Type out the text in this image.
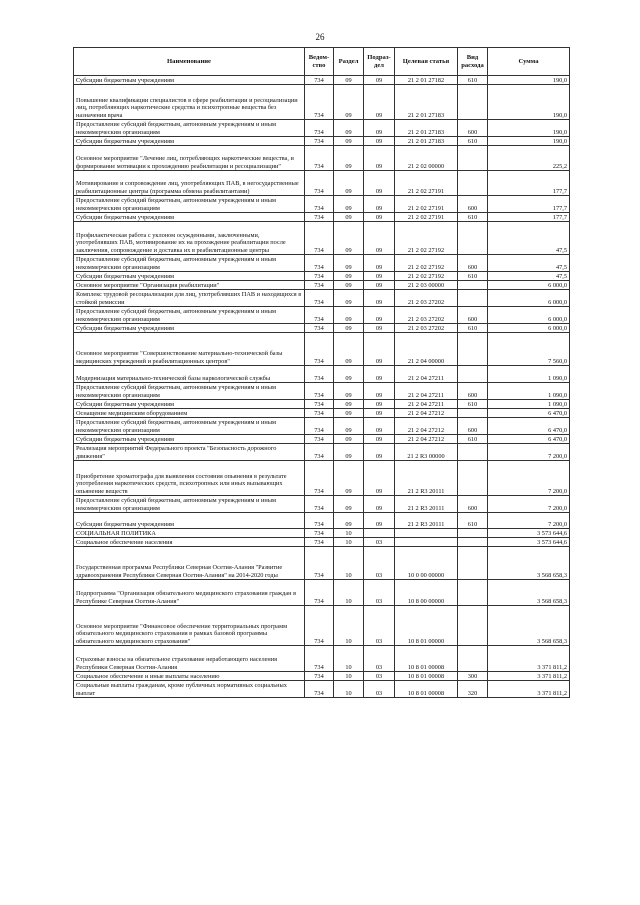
26
Наименование	Ведом-ство	Раздел	Подраз-дел	Целевая статья	Вид расхода	Сумма
Субсидии бюджетным учреждениям	734	09	09	21 2 01 27182	610	190,0
Повышение квалификации специалистов в сфере реабилитации и ресоциализации лиц, потребляющих наркотические средства и психотропные вещества без назначения врача	734	09	09	21 2 01 27183		190,0
Предоставление субсидий бюджетным, автономным учреждениям и иным некоммерческим организациям	734	09	09	21 2 01 27183	600	190,0
Субсидии бюджетным учреждениям	734	09	09	21 2 01 27183	610	190,0
Основное мероприятие "Лечение лиц, потребляющих наркотические вещества, и формирование мотивации к прохождению реабилитации и ресоциализации"	734	09	09	21 2 02 00000		225,2
Мотивирование и сопровождение лиц, употребляющих ПАВ, в негосударственные реабилитационные центры (программа обмена реабилитантами)	734	09	09	21 2 02 27191		177,7
Предоставление субсидий бюджетным, автономным учреждениям и иным некоммерческим организациям	734	09	09	21 2 02 27191	600	177,7
Субсидии бюджетным учреждениям	734	09	09	21 2 02 27191	610	177,7
Профилактическая работа с уклоном осужденными, заключенными, употреблявших ПАВ, мотивирование их на прохождение реабилитации после заключения, сопровождение и доставка их в реабилитационные центры	734	09	09	21 2 02 27192		47,5
Предоставление субсидий бюджетным, автономным учреждениям и иным некоммерческим организациям	734	09	09	21 2 02 27192	600	47,5
Субсидии бюджетным учреждениям	734	09	09	21 2 02 27192	610	47,5
Основное мероприятие "Организация реабилитации"	734	09	09	21 2 03 00000		6 000,0
Комплекс трудовой ресоциализации для лиц, употреблявших ПАВ и находящихся в стойкой ремиссии	734	09	09	21 2 03 27202		6 000,0
Предоставление субсидий бюджетным, автономным учреждениям и иным некоммерческим организациям	734	09	09	21 2 03 27202	600	6 000,0
Субсидии бюджетным учреждениям	734	09	09	21 2 03 27202	610	6 000,0
Основное мероприятие "Совершенствование материально-технической базы медицинских учреждений и реабилитационных центров"	734	09	09	21 2 04 00000		7 560,0
Модернизация материально-технической базы наркологической службы	734	09	09	21 2 04 27211		1 090,0
Предоставление субсидий бюджетным, автономным учреждениям и иным некоммерческим организациям	734	09	09	21 2 04 27211	600	1 090,0
Субсидии бюджетным учреждениям	734	09	09	21 2 04 27211	610	1 090,0
Оснащение медицинским оборудованием	734	09	09	21 2 04 27212		6 470,0
Предоставление субсидий бюджетным, автономным учреждениям и иным некоммерческим организациям	734	09	09	21 2 04 27212	600	6 470,0
Субсидии бюджетным учреждениям	734	09	09	21 2 04 27212	610	6 470,0
Реализация мероприятий Федерального проекта "Безопасность дорожного движения"	734	09	09	21 2 R3 00000		7 200,0
Приобретение хроматографа для выявления состояния опьянения в результате употребления наркотических средств, психотропных или иных вызывающих опьянение веществ	734	09	09	21 2 R3 20111		7 200,0
Предоставление субсидий бюджетным, автономным учреждениям и иным некоммерческим организациям	734	09	09	21 2 R3 20111	600	7 200,0
Субсидии бюджетным учреждениям	734	09	09	21 2 R3 20111	610	7 200,0
СОЦИАЛЬНАЯ ПОЛИТИКА	734	10				3 573 644,6
Социальное обеспечение населения	734	10	03			3 573 644,6
Государственная программа Республики Северная Осетия-Алания "Развитие здравоохранения Республики Северная Осетия-Алания" на 2014-2020 годы	734	10	03	10 0 00 00000		3 568 658,3
Подпрограмма "Организация обязательного медицинского страхования граждан в Республике Северная Осетия-Алания"	734	10	03	10 8 00 00000		3 568 658,3
Основное мероприятие "Финансовое обеспечение территориальных программ обязательного медицинского страхования в рамках базовой программы обязательного медицинского страхования"	734	10	03	10 8 01 00000		3 568 658,3
Страховые взносы на обязательное страхование неработающего населения Республики Северная Осетия-Алания	734	10	03	10 8 01 00008		3 371 811,2
Социальное обеспечение и иные выплаты населению	734	10	03	10 8 01 00008	300	3 371 811,2
Социальные выплаты гражданам, кроме публичных нормативных социальных выплат	734	10	03	10 8 01 00008	320	3 371 811,2
